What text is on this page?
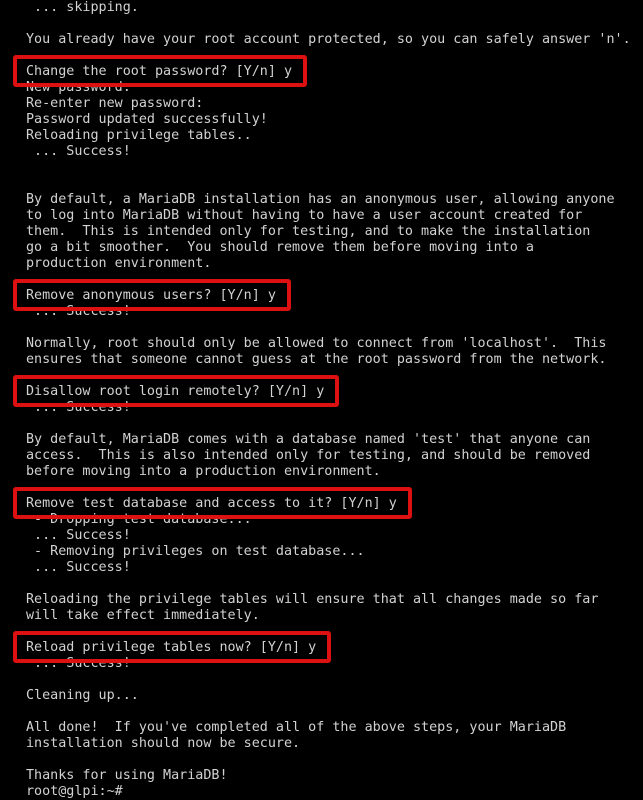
... skipping.
You already have your root account protected, so you can safely answer 'n'.
Change the root password? [Y/n] y
New password:
Re-enter new password:
Password updated successfully!
Reloading privilege tables..
... Success!
By default, a MariaDB installation has an anonymous user, allowing anyone
to log into MariaDB without having to have a user account created for
them.  This is intended only for testing, and to make the installation
go a bit smoother.  You should remove them before moving into a
production environment.
Remove anonymous users? [Y/n] y
... Success!
Normally, root should only be allowed to connect from 'localhost'.  This
ensures that someone cannot guess at the root password from the network.
Disallow root login remotely? [Y/n] y
... Success!
By default, MariaDB comes with a database named 'test' that anyone can
access.  This is also intended only for testing, and should be removed
before moving into a production environment.
Remove test database and access to it? [Y/n] y
- Dropping test database...
... Success!
- Removing privileges on test database...
... Success!
Reloading the privilege tables will ensure that all changes made so far
will take effect immediately.
Reload privilege tables now? [Y/n] y
... Success!
Cleaning up...
All done!  If you've completed all of the above steps, your MariaDB
installation should now be secure.
Thanks for using MariaDB!
root@glpi:~#
